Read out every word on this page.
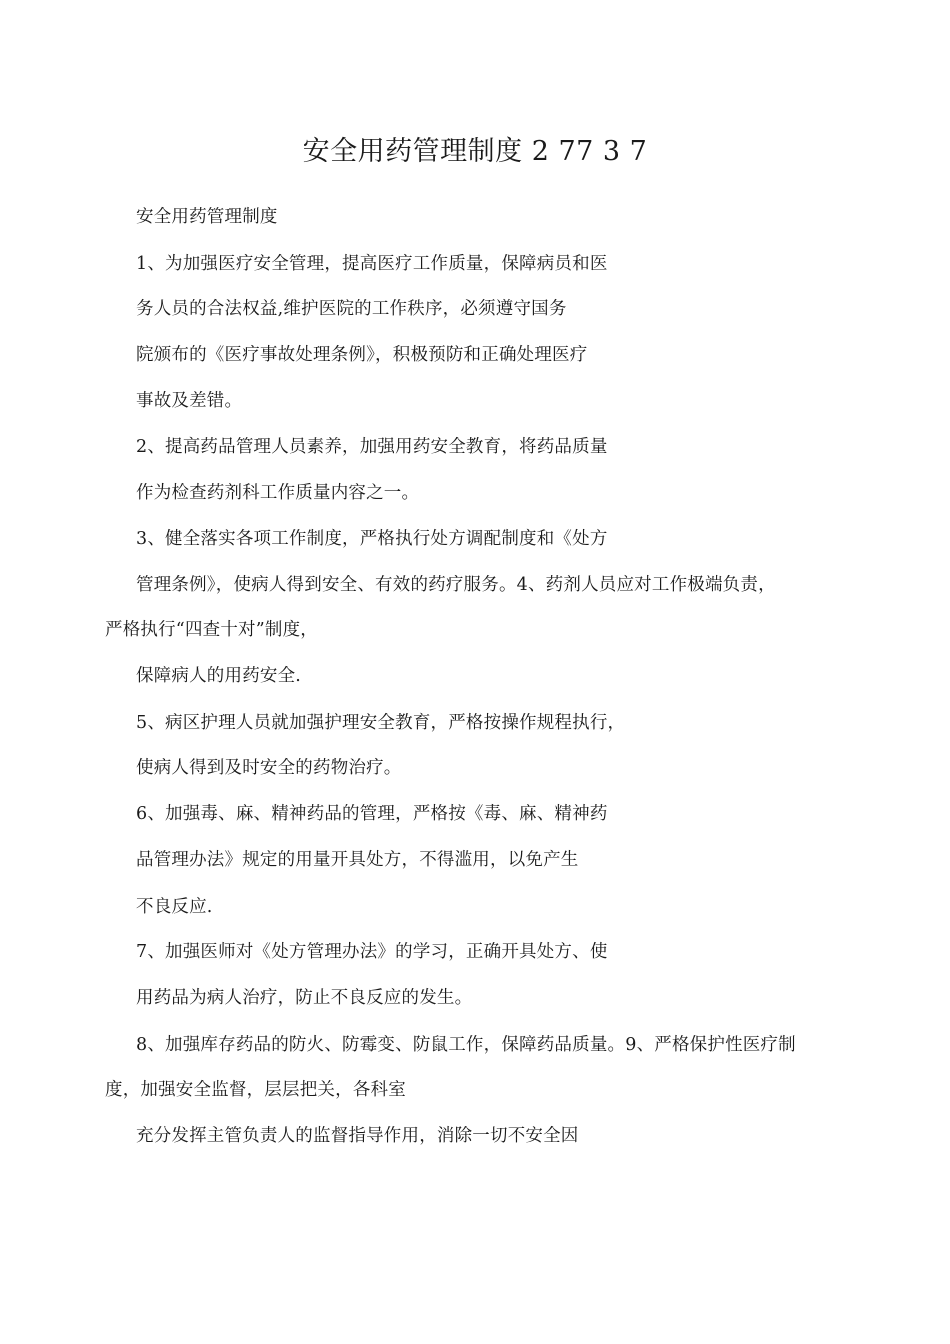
安全用药管理制度 2 77 3 7
安全用药管理制度
1、为加强医疗安全管理，提高医疗工作质量，保障病员和医
务人员的合法权益,维护医院的工作秩序，必须遵守国务
院颁布的《医疗事故处理条例》，积极预防和正确处理医疗
事故及差错。
2、提高药品管理人员素养，加强用药安全教育，将药品质量
作为检查药剂科工作质量内容之一。
3、健全落实各项工作制度，严格执行处方调配制度和《处方
管理条例》，使病人得到安全、有效的药疗服务。4、药剂人员应对工作极端负责，
严格执行“四查十对”制度，
保障病人的用药安全.
5、病区护理人员就加强护理安全教育，严格按操作规程执行，
使病人得到及时安全的药物治疗。
6、加强毒、麻、精神药品的管理，严格按《毒、麻、精神药
品管理办法》规定的用量开具处方，不得滥用，以免产生
不良反应.
7、加强医师对《处方管理办法》的学习，正确开具处方、使
用药品为病人治疗，防止不良反应的发生。
8、加强库存药品的防火、防霉变、防鼠工作，保障药品质量。9、严格保护性医疗制
度，加强安全监督，层层把关，各科室
充分发挥主管负责人的监督指导作用，消除一切不安全因
